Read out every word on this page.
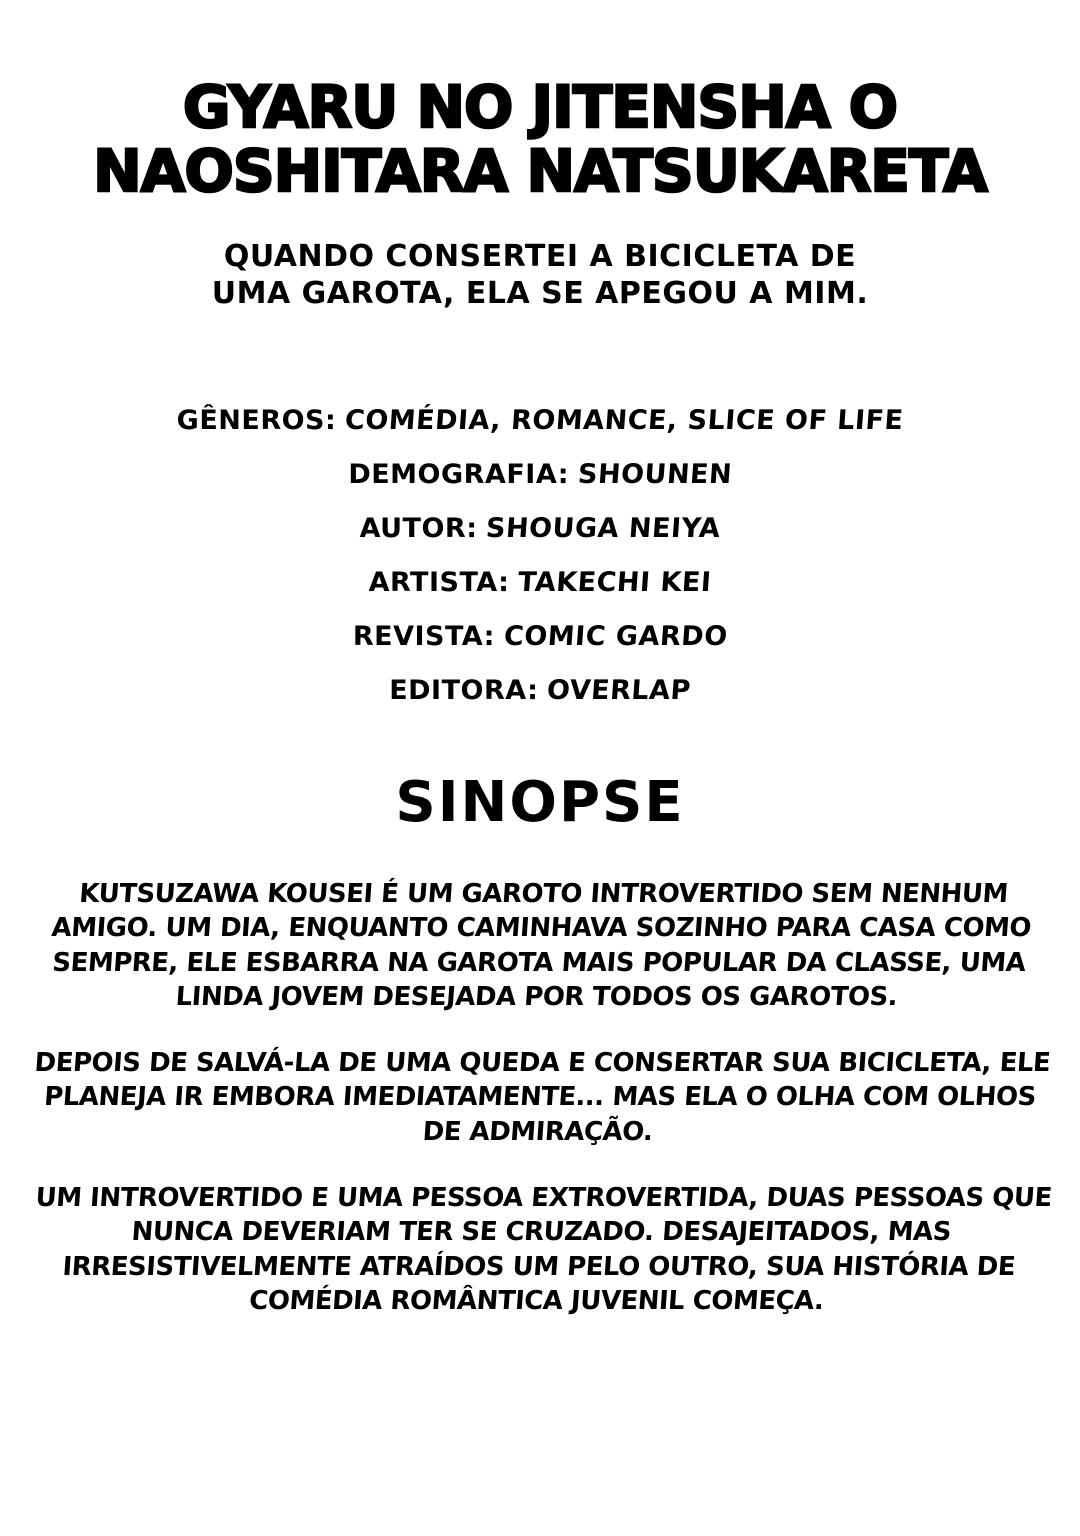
GYARU NO JITENSHA O NAOSHITARA NATSUKARETA
QUANDO CONSERTEI A BICICLETA DE UMA GAROTA, ELA SE APEGOU A MIM.
GÊNEROS: COMÉDIA, ROMANCE, SLICE OF LIFE
DEMOGRAFIA: SHOUNEN
AUTOR: SHOUGA NEIYA
ARTISTA: TAKECHI KEI
REVISTA: COMIC GARDO
EDITORA: OVERLAP
SINOPSE

KUTSUZAWA KOUSEI É UM GAROTO INTROVERTIDO SEM NENHUM AMIGO. UM DIA, ENQUANTO CAMINHAVA SOZINHO PARA CASA COMO SEMPRE, ELE ESBARRA NA GAROTA MAIS POPULAR DA CLASSE, UMA LINDA JOVEM DESEJADA POR TODOS OS GAROTOS.

DEPOIS DE SALVÁ-LA DE UMA QUEDA E CONSERTAR SUA BICICLETA, ELE PLANEJA IR EMBORA IMEDIATAMENTE... MAS ELA O OLHA COM OLHOS DE ADMIRAÇÃO.

UM INTROVERTIDO E UMA PESSOA EXTROVERTIDA, DUAS PESSOAS QUE NUNCA DEVERIAM TER SE CRUZADO. DESAJEITADOS, MAS IRRESISTIVELMENTE ATRAÍDOS UM PELO OUTRO, SUA HISTÓRIA DE COMÉDIA ROMÂNTICA JUVENIL COMEÇA.
